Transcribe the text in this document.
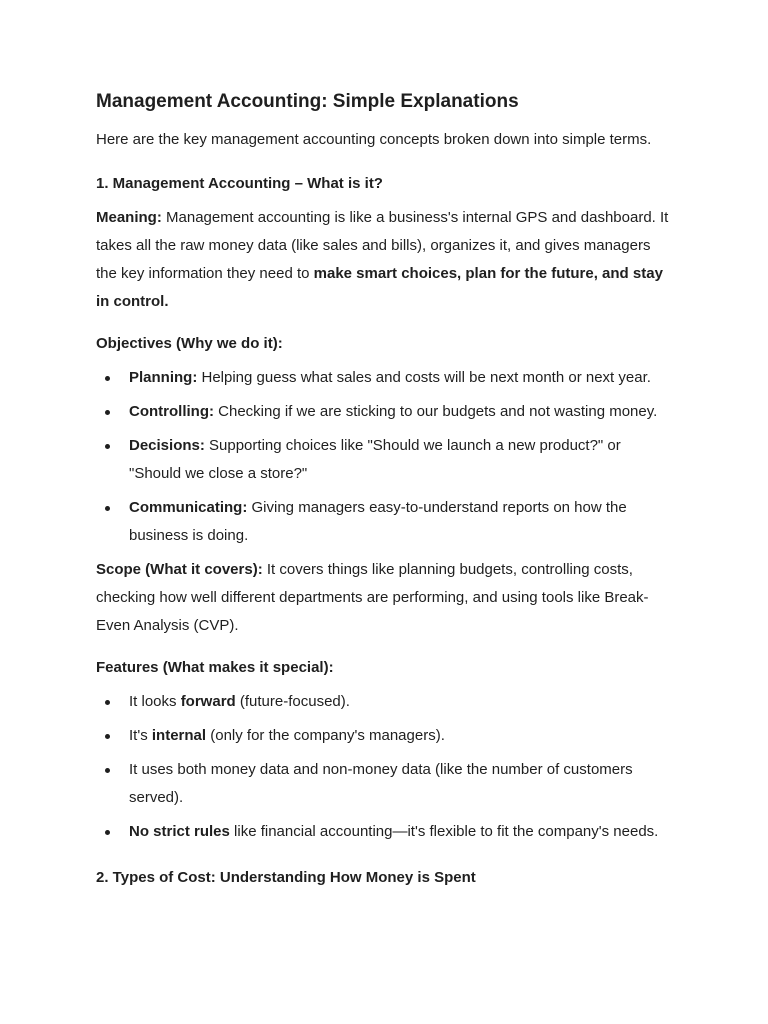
Management Accounting: Simple Explanations

Here are the key management accounting concepts broken down into simple terms.

1. Management Accounting – What is it?

Meaning: Management accounting is like a business's internal GPS and dashboard. It takes all the raw money data (like sales and bills), organizes it, and gives managers the key information they need to make smart choices, plan for the future, and stay in control.

Objectives (Why we do it):
Planning: Helping guess what sales and costs will be next month or next year.
Controlling: Checking if we are sticking to our budgets and not wasting money.
Decisions: Supporting choices like "Should we launch a new product?" or "Should we close a store?"
Communicating: Giving managers easy-to-understand reports on how the business is doing.

Scope (What it covers): It covers things like planning budgets, controlling costs, checking how well different departments are performing, and using tools like Break-Even Analysis (CVP).

Features (What makes it special):
It looks forward (future-focused).
It's internal (only for the company's managers).
It uses both money data and non-money data (like the number of customers served).
No strict rules like financial accounting—it's flexible to fit the company's needs.
2. Types of Cost: Understanding How Money is Spent
